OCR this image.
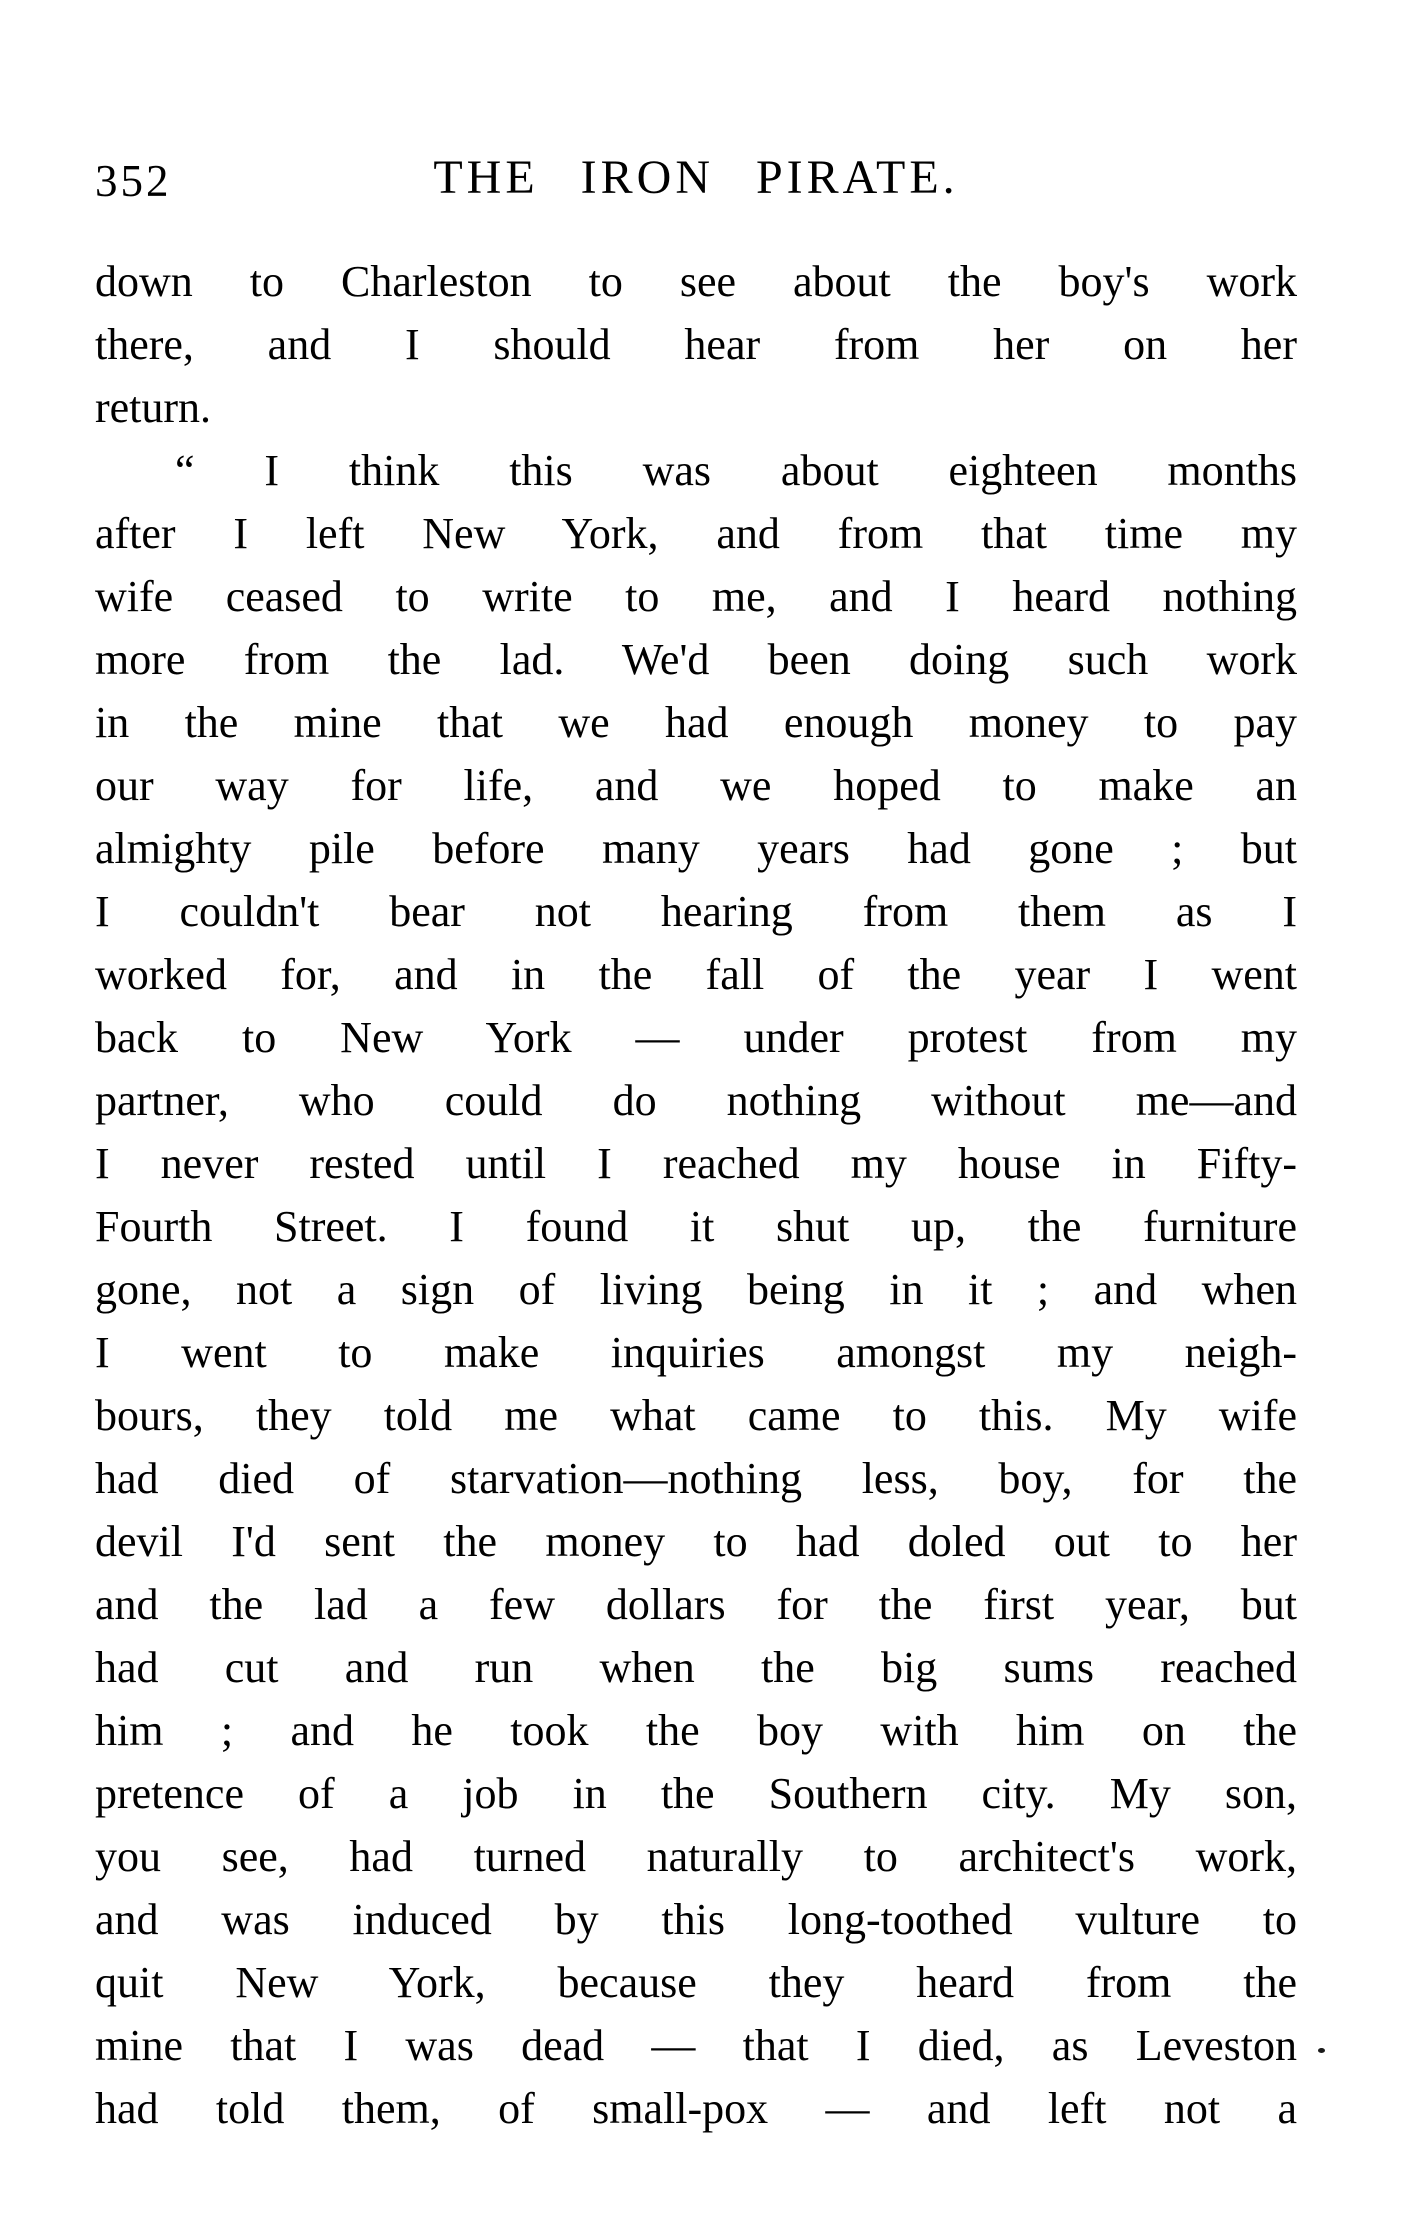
352	THE IRON PIRATE.
down to Charleston to see about the boy's work
there, and I should hear from her on her
return.
“ I think this was about eighteen months
after I left New York, and from that time my
wife ceased to write to me, and I heard nothing
more from the lad. We'd been doing such work
in the mine that we had enough money to pay
our way for life, and we hoped to make an
almighty pile before many years had gone ; but
I couldn't bear not hearing from them as I
worked for, and in the fall of the year I went
back to New York — under protest from my
partner, who could do nothing without me—and
I never rested until I reached my house in Fifty-
Fourth Street. I found it shut up, the furniture
gone, not a sign of living being in it ; and when
I went to make inquiries amongst my neigh-
bours, they told me what came to this. My wife
had died of starvation—nothing less, boy, for the
devil I'd sent the money to had doled out to her
and the lad a few dollars for the first year, but
had cut and run when the big sums reached
him ; and he took the boy with him on the
pretence of a job in the Southern city. My son,
you see, had turned naturally to architect's work,
and was induced by this long-toothed vulture to
quit New York, because they heard from the
mine that I was dead — that I died, as Leveston
had told them, of small-pox — and left not a
